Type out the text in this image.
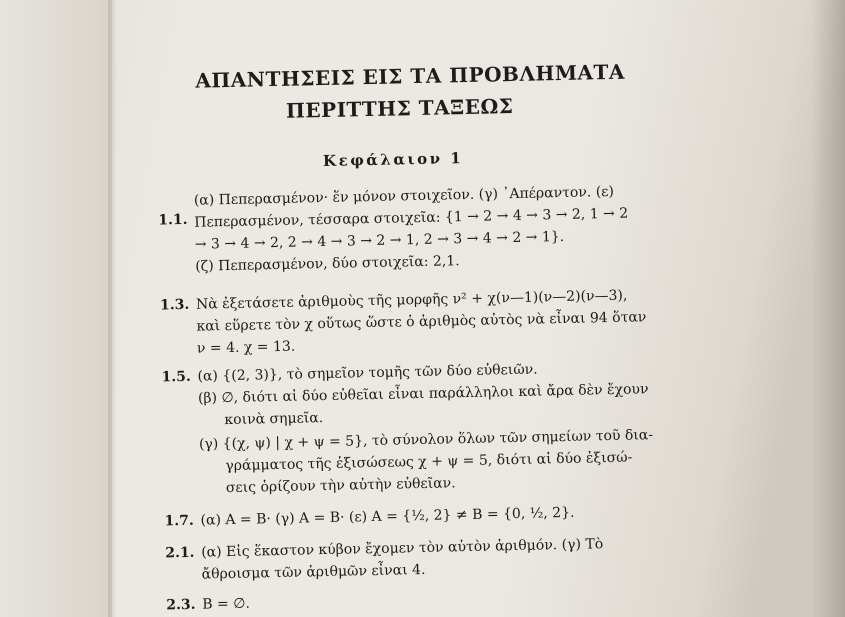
ΑΠΑΝΤΗΣΕΙΣ ΕΙΣ ΤΑ ΠΡΟΒΛΗΜΑΤΑ
ΠΕΡΙΤΤΗΣ ΤΑΞΕΩΣ
Κεφάλαιον 1
1.1.
(α) Πεπερασμένον· ἕν μόνον στοιχεῖον. (γ) ᾿Απέραντον. (ε)
Πεπερασμένον, τέσσαρα στοιχεῖα: {1 → 2 → 4 → 3 → 2, 1 → 2
→ 3 → 4 → 2, 2 → 4 → 3 → 2 → 1, 2 → 3 → 4 → 2 → 1}.
(ζ) Πεπερασμένον, δύο στοιχεῖα: 2,1.
1.3. Νὰ ἐξετάσετε ἀριθμοὺς τῆς μορφῆς ν² + χ(ν—1)(ν—2)(ν—3),
καὶ εὕρετε τὸν χ οὕτως ὥστε ὁ ἀριθμὸς αὐτὸς νὰ εἶναι 94 ὅταν
ν = 4. χ = 13.
1.5. (α) {(2, 3)}, τὸ σημεῖον τομῆς τῶν δύο εὐθειῶν.
(β) ∅, διότι αἱ δύο εὐθεῖαι εἶναι παράλληλοι καὶ ἄρα δὲν ἔχουν
κοινὰ σημεῖα.
(γ) {(χ, ψ) | χ + ψ = 5}, τὸ σύνολον ὅλων τῶν σημείων τοῦ δια-
γράμματος τῆς ἐξισώσεως χ + ψ = 5, διότι αἱ δύο ἐξισώ-
σεις ὁρίζουν τὴν αὐτὴν εὐθεῖαν.
1.7. (α) A = B· (γ) A = B· (ε) A = {½, 2} ≠ B = {0, ½, 2}.
2.1. (α) Εἰς ἕκαστον κύβον ἔχομεν τὸν αὐτὸν ἀριθμόν. (γ) Τὸ
ἄθροισμα τῶν ἀριθμῶν εἶναι 4.
2.3. B = ∅.
